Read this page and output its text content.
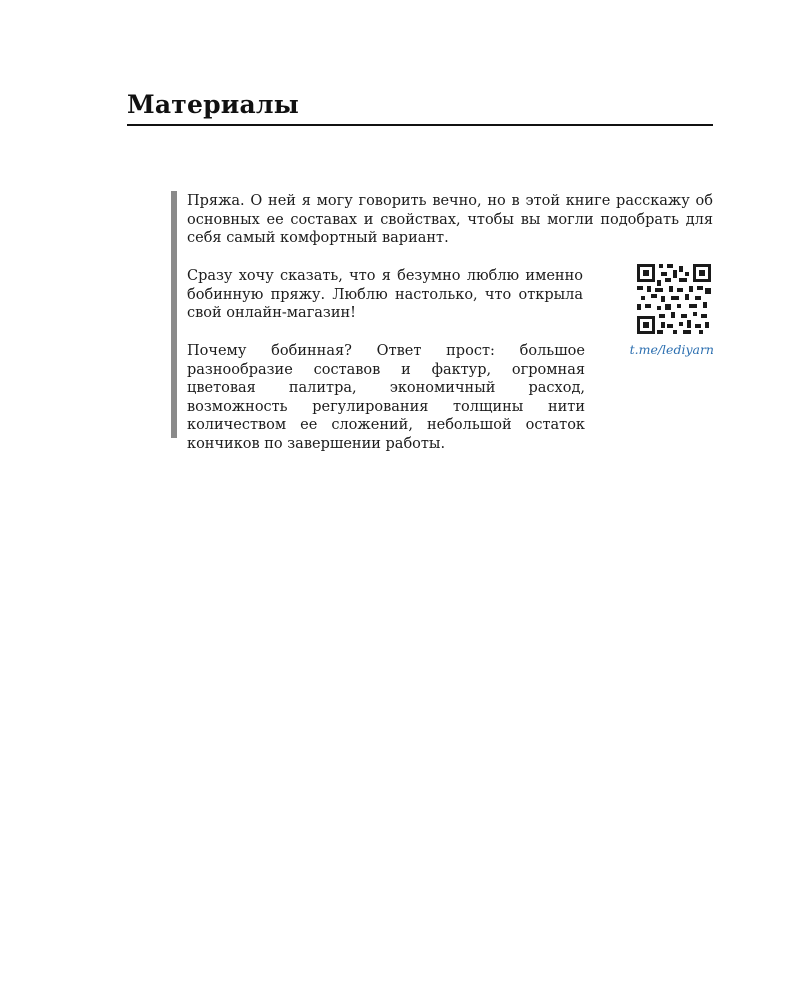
Материалы

Пряжа. О ней я могу говорить вечно, но в этой книге расскажу об основных ее составах и свойствах, чтобы вы могли подобрать для себя самый комфортный вариант.

Сразу хочу сказать, что я безумно люблю именно бобинную пряжу. Люблю настолько, что открыла свой онлайн-магазин!

Почему бобинная? Ответ прост: большое разнообразие составов и фактур, огромная цветовая палитра, экономичный расход, возможность регулирования толщины нити количеством ее сложений, небольшой остаток кончиков по завершении работы.

t.me/lediyarn
